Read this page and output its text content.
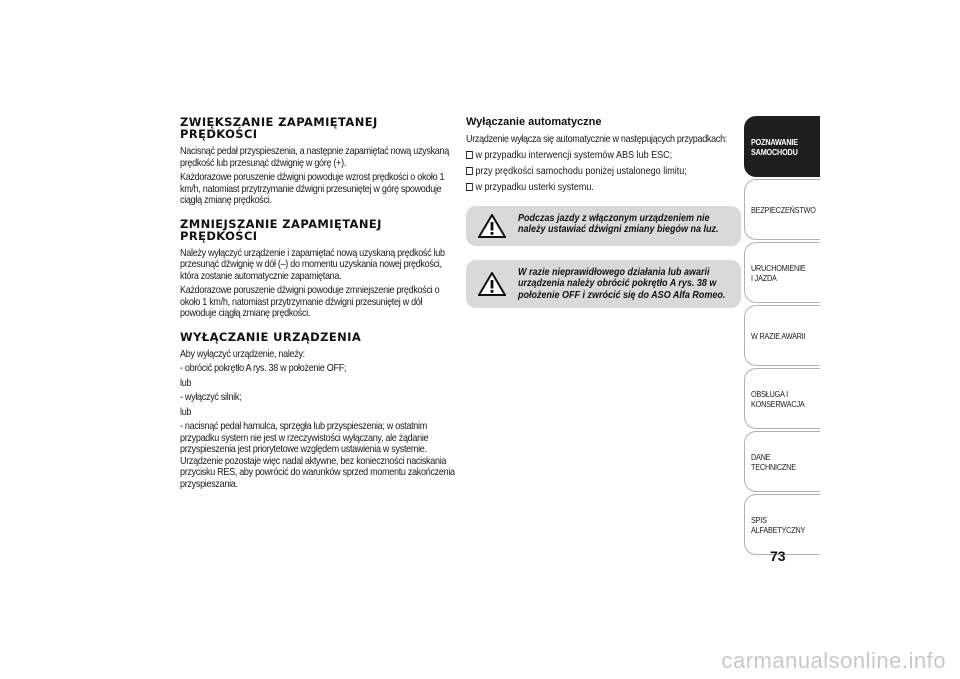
ZWIĘKSZANIE ZAPAMIĘTANEJ
PRĘDKOŚCI
Nacisnąć pedał przyspieszenia, a następnie zapamiętać nową uzyskaną prędkość lub przesunąć dźwignię w górę (+).
Każdorazowe poruszenie dźwigni powoduje wzrost prędkości o około 1 km/h, natomiast przytrzymanie dźwigni przesuniętej w górę spowoduje ciągłą zmianę prędkości.
ZMNIEJSZANIE ZAPAMIĘTANEJ
PRĘDKOŚCI
Należy wyłączyć urządzenie i zapamiętać nową uzyskaną prędkość lub przesunąć dźwignię w dół (–) do momentu uzyskania nowej prędkości, która zostanie automatycznie zapamiętana.
Każdorazowe poruszenie dźwigni powoduje zmniejszenie prędkości o około 1 km/h, natomiast przytrzymanie dźwigni przesuniętej w dół powoduje ciągłą zmianę prędkości.
WYŁĄCZANIE URZĄDZENIA
Aby wyłączyć urządzenie, należy:
- obrócić pokrętło A rys. 38 w położenie OFF;
lub
- wyłączyć silnik;
lub
- nacisnąć pedał hamulca, sprzęgła lub przyspieszenia; w ostatnim przypadku system nie jest w rzeczywistości wyłączany, ale żądanie przyspieszenia jest priorytetowe względem ustawienia w systemie. Urządzenie pozostaje więc nadal aktywne, bez konieczności naciskania przycisku RES, aby powrócić do warunków sprzed momentu zakończenia przyspieszania.
Wyłączanie automatyczne
Urządzenie wyłącza się automatycznie w następujących przypadkach:
w przypadku interwencji systemów ABS lub ESC;
przy prędkości samochodu poniżej ustalonego limitu;
w przypadku usterki systemu.
Podczas jazdy z włączonym urządzeniem nie należy ustawiać dźwigni zmiany biegów na luz.
W razie nieprawidłowego działania lub awarii urządzenia należy obrócić pokrętło A rys. 38 w położenie OFF i zwrócić się do ASO Alfa Romeo.
POZNAWANIE SAMOCHODU
BEZPIECZEŃSTWO
URUCHOMIENIE I JAZDA
W RAZIE AWARII
OBSŁUGA I KONSERWACJA
DANE TECHNICZNE
SPIS ALFABETYCZNY
73
carmanualsonline.info
